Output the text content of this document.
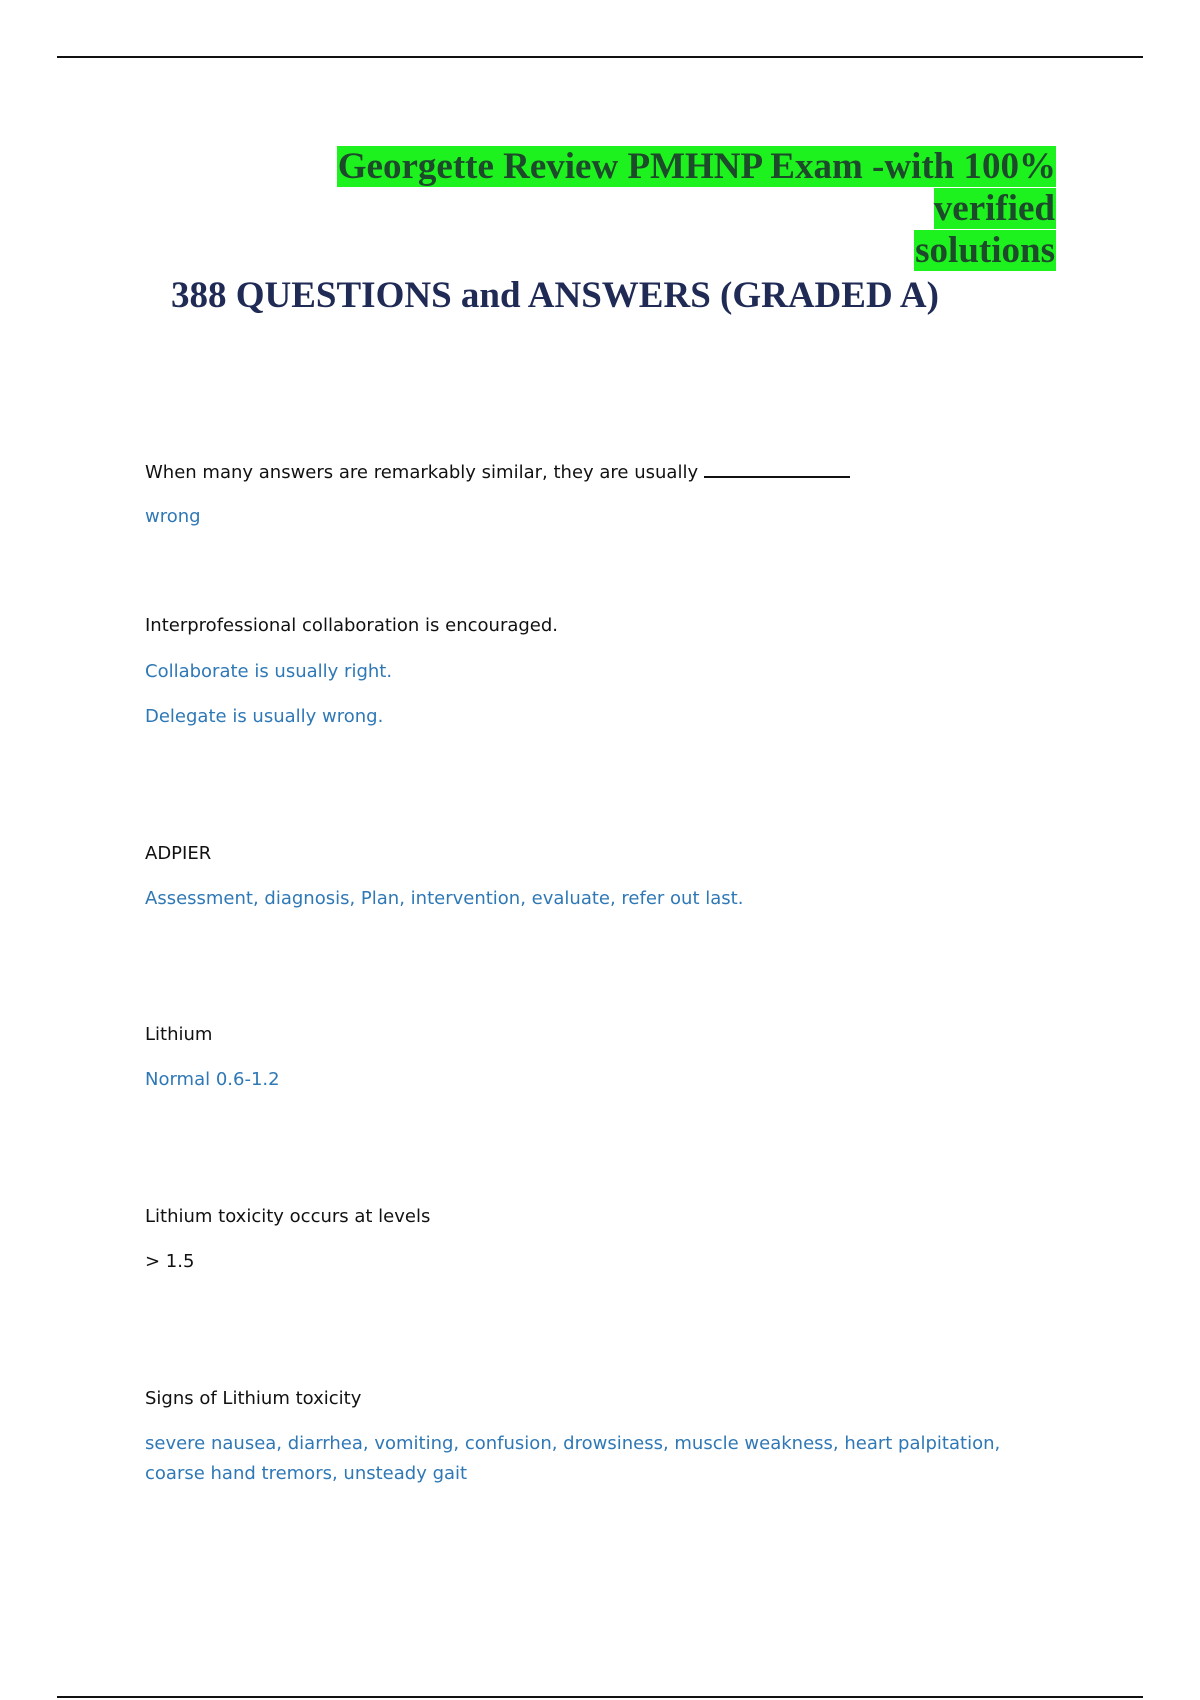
Georgette Review PMHNP Exam -with 100% verified
solutions
388 QUESTIONS and ANSWERS (GRADED A)
When many answers are remarkably similar, they are usually
wrong
Interprofessional collaboration is encouraged.
Collaborate is usually right.
Delegate is usually wrong.
ADPIER
Assessment, diagnosis, Plan, intervention, evaluate, refer out last.
Lithium
Normal 0.6-1.2
Lithium toxicity occurs at levels
> 1.5
Signs of Lithium toxicity
severe nausea, diarrhea, vomiting, confusion, drowsiness, muscle weakness, heart palpitation, coarse hand tremors, unsteady gait
